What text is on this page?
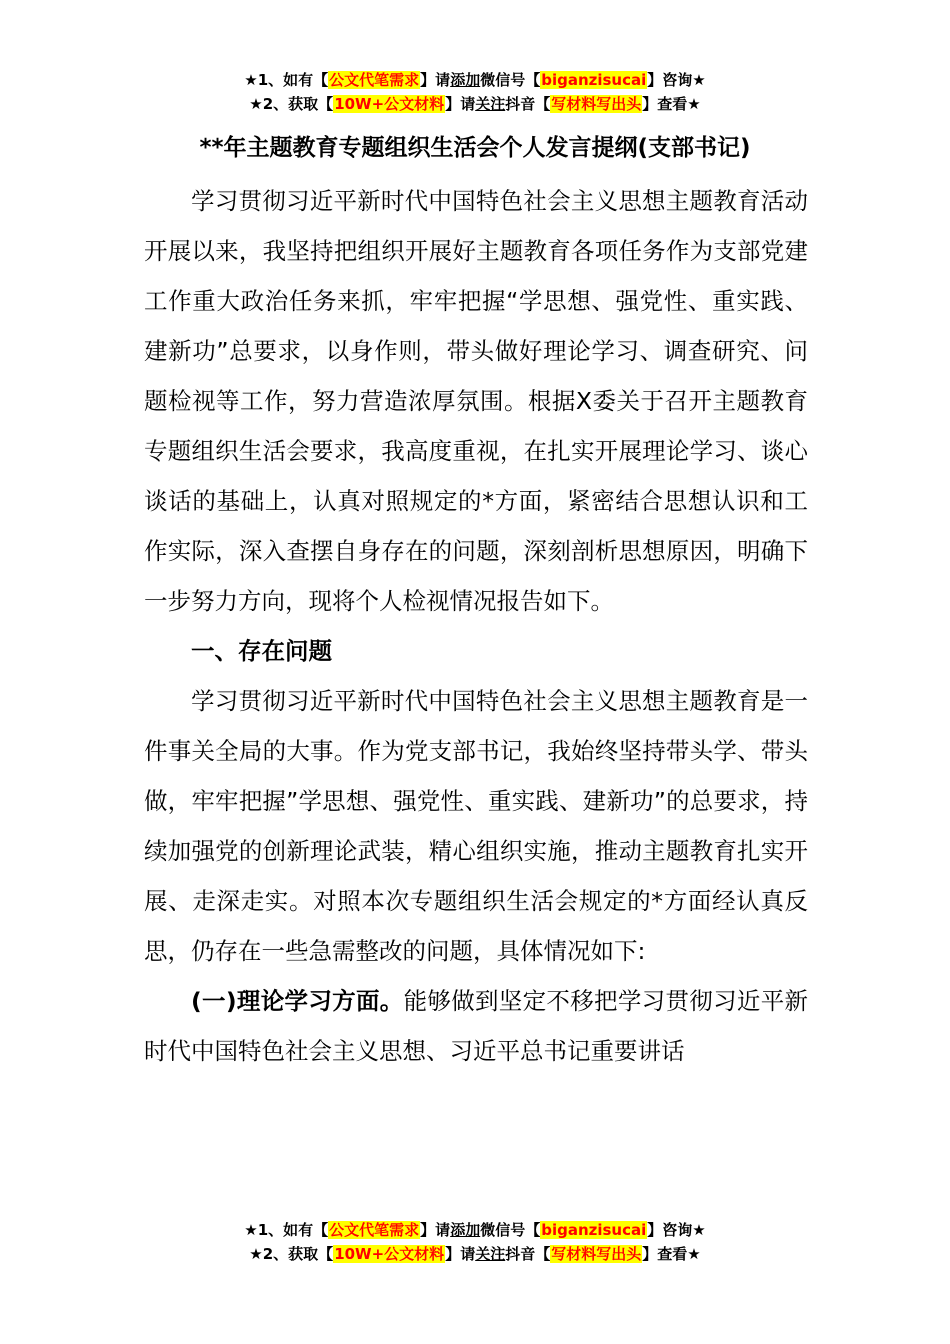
★1、如有【公文代笔需求】请添加微信号【biganzisucai】咨询★
★2、获取【10W+公文材料】请关注抖音【写材料写出头】查看★
**年主题教育专题组织生活会个人发言提纲(支部书记)

学习贯彻习近平新时代中国特色社会主义思想主题教育活动开展以来，我坚持把组织开展好主题教育各项任务作为支部党建工作重大政治任务来抓，牢牢把握“学思想、强党性、重实践、建新功”总要求，以身作则，带头做好理论学习、调查研究、问题检视等工作，努力营造浓厚氛围。根据X委关于召开主题教育专题组织生活会要求，我高度重视，在扎实开展理论学习、谈心谈话的基础上，认真对照规定的*方面，紧密结合思想认识和工作实际，深入查摆自身存在的问题，深刻剖析思想原因，明确下一步努力方向，现将个人检视情况报告如下。

一、存在问题

学习贯彻习近平新时代中国特色社会主义思想主题教育是一件事关全局的大事。作为党支部书记，我始终坚持带头学、带头做，牢牢把握”学思想、强党性、重实践、建新功”的总要求，持续加强党的创新理论武装，精心组织实施，推动主题教育扎实开展、走深走实。对照本次专题组织生活会规定的*方面经认真反思，仍存在一些急需整改的问题，具体情况如下:

(一)理论学习方面。能够做到坚定不移把学习贯彻习近平新时代中国特色社会主义思想、习近平总书记重要讲话

★1、如有【公文代笔需求】请添加微信号【biganzisucai】咨询★
★2、获取【10W+公文材料】请关注抖音【写材料写出头】查看★
